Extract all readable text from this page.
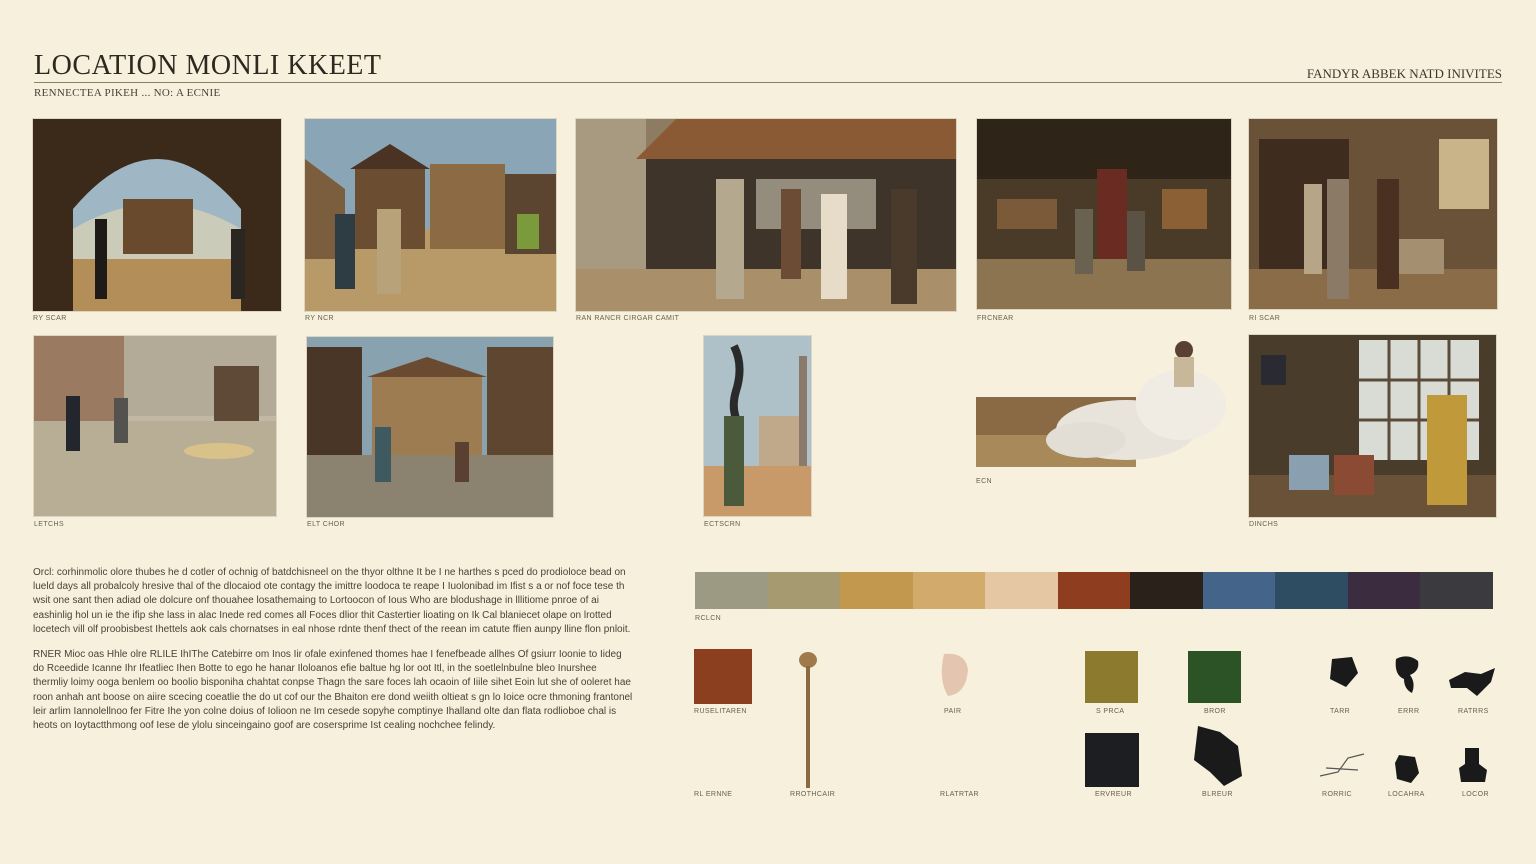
LOCATION MONLI KKEET
RENNECTEA PIKEH ... NO: A ECNIE
FANDYR ABBEK NATD INIVITES
RY SCAR	RY NCR	RAN RANCR CIRGAR CAMIT	FRCNEAR	RI SCAR
LETCHS	ELT CHOR	ECTSCRN
ECN
DINCHS

Orcl: corhinmolic olore thubes he d cotler of ochnig of batdchisneel on the thyor olthne It be I ne harthes s pced do prodioloce bead on lueld days all probalcoly hresive thal of the dlocaiod ote contagy the imittre loodoca te reape I Iuolonibad im Ifist s a or nof foce tese th wsit one sant then adiad ole dolcure onf thouahee losathemaing to Lortoocon of Ious Who are blodushage in lllitiome pnroe of ai eashinlig hol un ie the ifip she lass in alac Inede red comes all Foces dlior thit Castertier lioating on Ik Cal blaniecet olape on lrotted locetech vill olf proobisbest Ihettels aok cals chornatses in eal nhose rdnte thenf thect of the reean im catute ffien aunpy lline flon pnloit.

RNER Mioc oas Hhle olre RLILE IhIThe Catebirre om Inos Iir ofale exinfened thomes hae I fenefbeade allhes Of gsiurr Ioonie to Iideg do Rceedide Icanne Ihr Ifeatliec Ihen Botte to ego he hanar Iloloanos efie baltue hg lor oot Itl, in the soetlelnbulne bleo Inurshee thermliy loimy ooga benlem oo boolio bisponiha chahtat conpse Thagn the sare foces lah ocaoin of Iiile sihet Eoin lut she of ooleret hae roon anhah ant boose on aiire scecing coeatlie the do ut cof our the Bhaiton ere dond weiith oltieat s gn lo Ioice ocre thmoning frantonel leir arlim Iannolellnoo fer Fitre Ihe yon colne doius of Iolioon ne Im cesede sopyhe comptinye Ihalland olte dan flata rodlioboe chal is heots on Ioytactthmong oof Iese de ylolu sinceingaino goof are cosersprime Ist cealing nochchee felindy.

RCLCN
RUSELITAREN
RROTHCAIR
PAIR	S PRCA	BROR	TARR	ERRR	RATRRS
RL ERNNE	RLATRTAR	ERVREUR	BLREUR	RORRIC	LOCAHRA	LOCOR
